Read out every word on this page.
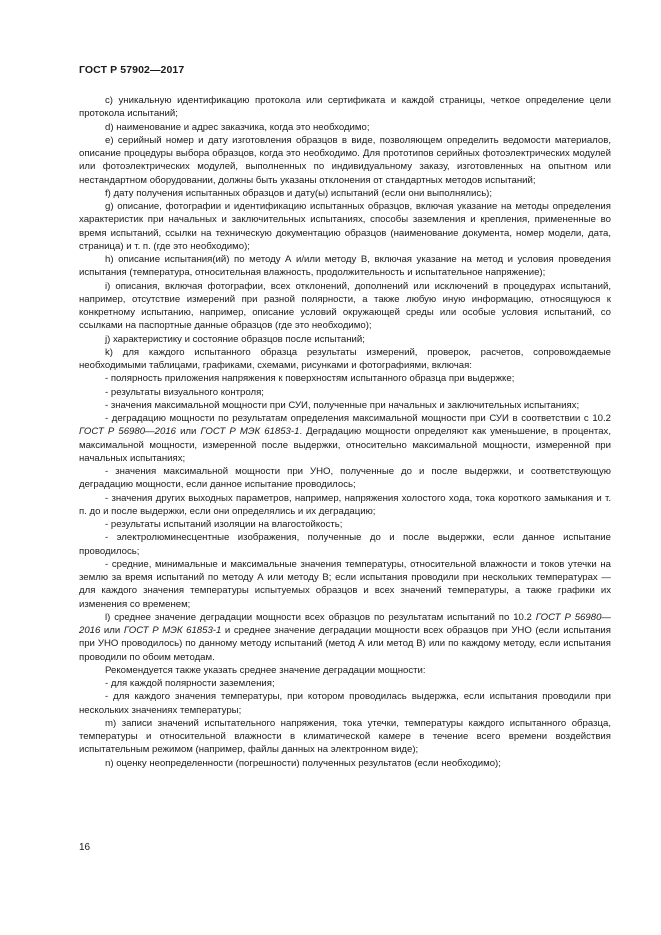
ГОСТ Р 57902—2017

c) уникальную идентификацию протокола или сертификата и каждой страницы, четкое определение цели протокола испытаний;

d) наименование и адрес заказчика, когда это необходимо;

e) серийный номер и дату изготовления образцов в виде, позволяющем определить ведомости материалов, описание процедуры выбора образцов, когда это необходимо. Для прототипов серийных фотоэлектрических модулей или фотоэлектрических модулей, выполненных по индивидуальному заказу, изготовленных на опытном или нестандартном оборудовании, должны быть указаны отклонения от стандартных методов испытаний;

f) дату получения испытанных образцов и дату(ы) испытаний (если они выполнялись);

g) описание, фотографии и идентификацию испытанных образцов, включая указание на методы определения характеристик при начальных и заключительных испытаниях, способы заземления и крепления, примененные во время испытаний, ссылки на техническую документацию образцов (наименование документа, номер модели, дата, страница) и т. п. (где это необходимо);

h) описание испытания(ий) по методу А и/или методу В, включая указание на метод и условия проведения испытания (температура, относительная влажность, продолжительность и испытательное напряжение);

i) описания, включая фотографии, всех отклонений, дополнений или исключений в процедурах испытаний, например, отсутствие измерений при разной полярности, а также любую иную информацию, относящуюся к конкретному испытанию, например, описание условий окружающей среды или особые условия испытаний, со ссылками на паспортные данные образцов (где это необходимо);

j) характеристику и состояние образцов после испытаний;

k) для каждого испытанного образца результаты измерений, проверок, расчетов, сопровождаемые необходимыми таблицами, графиками, схемами, рисунками и фотографиями, включая:

- полярность приложения напряжения к поверхностям испытанного образца при выдержке;

- результаты визуального контроля;

- значения максимальной мощности при СУИ, полученные при начальных и заключительных испытаниях;

- деградацию мощности по результатам определения максимальной мощности при СУИ в соответствии с 10.2 ГОСТ Р 56980—2016 или ГОСТ Р МЭК 61853-1. Деградацию мощности определяют как уменьшение, в процентах, максимальной мощности, измеренной после выдержки, относительно максимальной мощности, измеренной при начальных испытаниях;

- значения максимальной мощности при УНО, полученные до и после выдержки, и соответствующую деградацию мощности, если данное испытание проводилось;

- значения других выходных параметров, например, напряжения холостого хода, тока короткого замыкания и т. п. до и после выдержки, если они определялись и их деградацию;

- результаты испытаний изоляции на влагостойкость;

- электролюминесцентные изображения, полученные до и после выдержки, если данное испытание проводилось;

- средние, минимальные и максимальные значения температуры, относительной влажности и токов утечки на землю за время испытаний по методу А или методу В; если испытания проводили при нескольких температурах — для каждого значения температуры испытуемых образцов и всех значений температуры, а также графики их изменения со временем;

l) среднее значение деградации мощности всех образцов по результатам испытаний по 10.2 ГОСТ Р 56980—2016 или ГОСТ Р МЭК 61853-1 и среднее значение деградации мощности всех образцов при УНО (если испытания при УНО проводилось) по данному методу испытаний (метод А или метод В) или по каждому методу, если испытания проводили по обоим методам.

Рекомендуется также указать среднее значение деградации мощности:

- для каждой полярности заземления;

- для каждого значения температуры, при котором проводилась выдержка, если испытания проводили при нескольких значениях температуры;

m) записи значений испытательного напряжения, тока утечки, температуры каждого испытанного образца, температуры и относительной влажности в климатической камере в течение всего времени воздействия испытательным режимом (например, файлы данных на электронном виде);

n) оценку неопределенности (погрешности) полученных результатов (если необходимо);

16
